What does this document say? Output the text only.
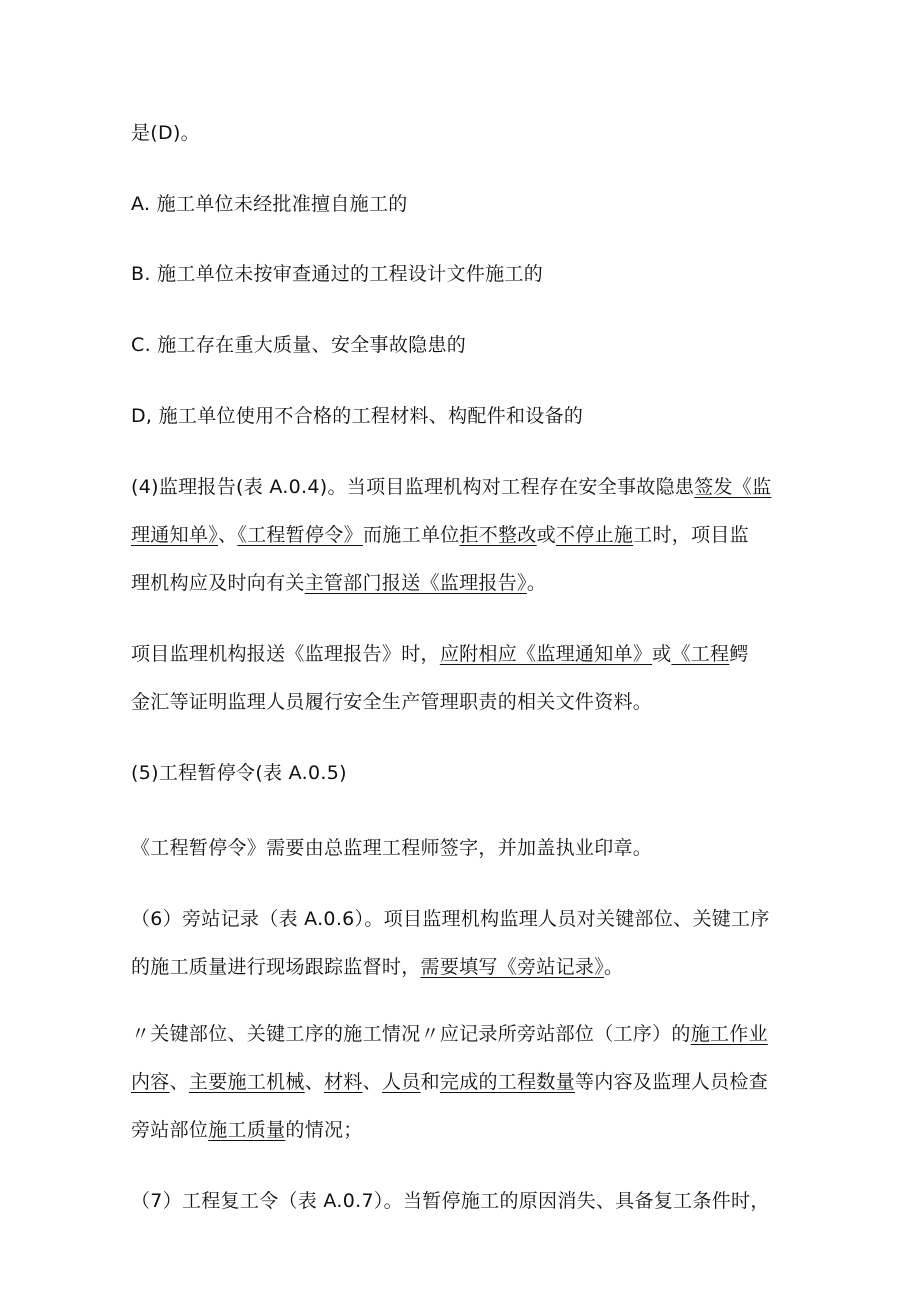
是(D)。
A. 施工单位未经批准擅自施工的
B. 施工单位未按审查通过的工程设计文件施工的
C. 施工存在重大质量、安全事故隐患的
D, 施工单位使用不合格的工程材料、构配件和设备的
(4)监理报告(表 A.0.4)。当项目监理机构对工程存在安全事故隐患签发《监
理通知单》、《工程暂停令》而施工单位拒不整改或不停止施工时，项目监
理机构应及时向有关主管部门报送《监理报告》。
项目监理机构报送《监理报告》时，应附相应《监理通知单》或《工程鳄
金汇等证明监理人员履行安全生产管理职责的相关文件资料。
(5)工程暂停令(表 A.0.5)
《工程暂停令》需要由总监理工程师签字，并加盖执业印章。
（6）旁站记录（表 A.0.6）。项目监理机构监理人员对关键部位、关键工序
的施工质量进行现场跟踪监督时，需要填写《旁站记录》。
〃关键部位、关键工序的施工情况〃应记录所旁站部位（工序）的施工作业
内容、主要施工机械、材料、人员和完成的工程数量等内容及监理人员检查
旁站部位施工质量的情况；
（7）工程复工令（表 A.0.7）。当暂停施工的原因消失、具备复工条件时，
